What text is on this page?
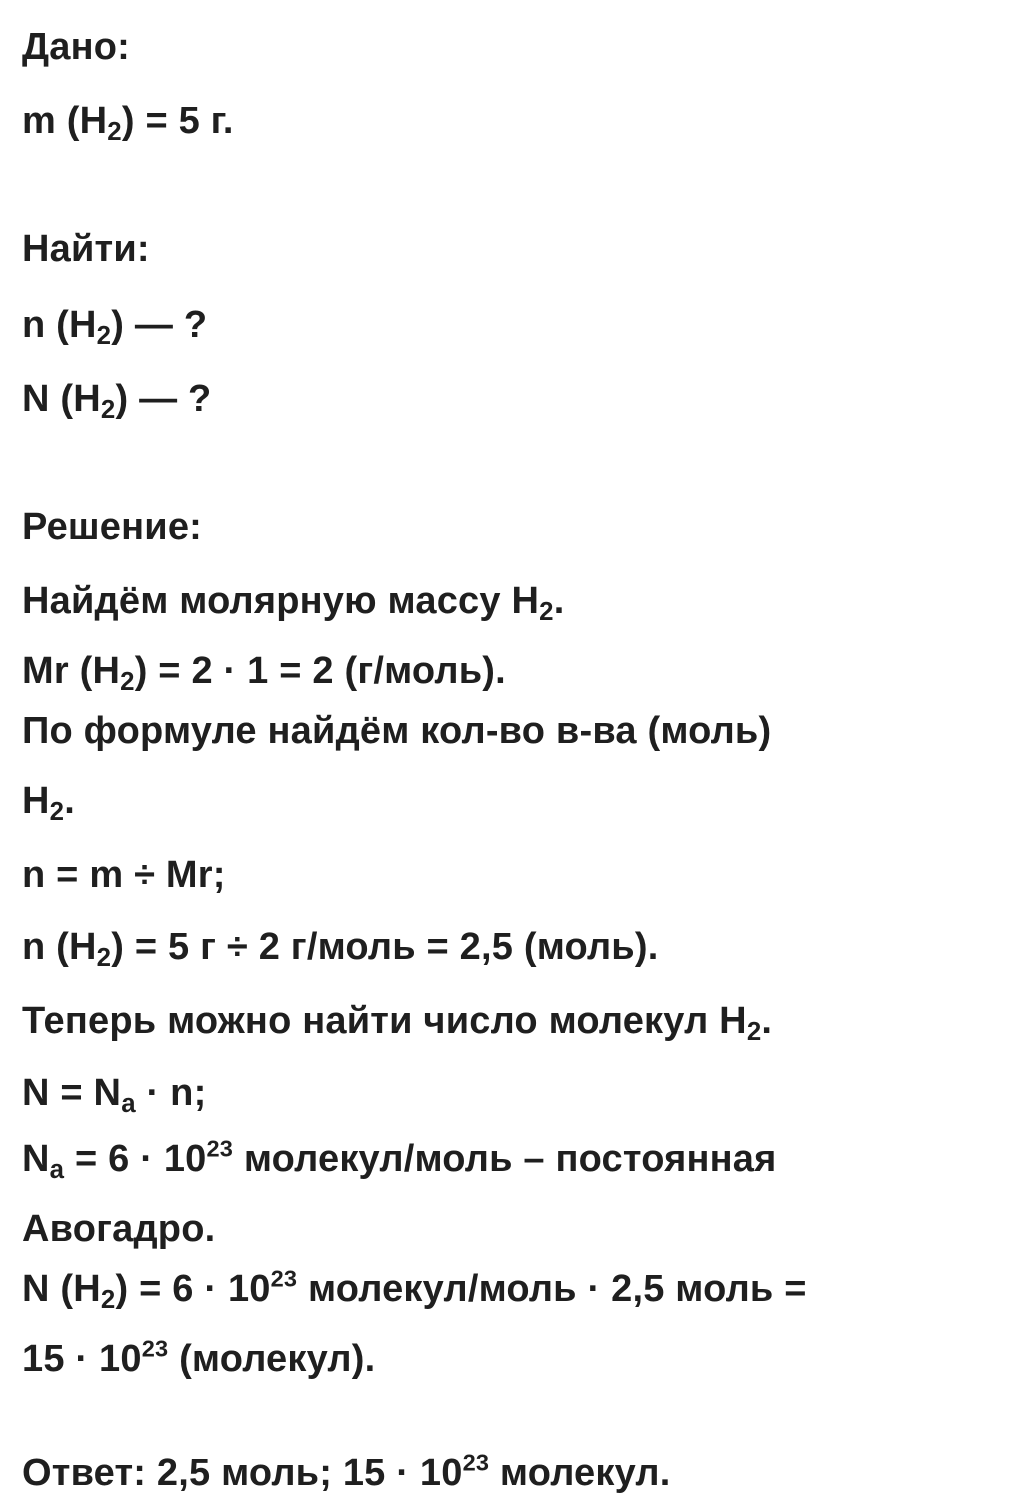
Дано:
m $(H_2) = 5$ г.
Найти:
n $(H_2)$ — ?
N $(H_2)$ — ?
Решение:
Найдём молярную массу $H_2$.
Mr $(H_2) = 2 \cdot 1 = 2$ (г/моль).
По формуле найдём кол-во в-ва (моль)
$H_2$.
n = m ÷ Mr;
n $(H_2) = 5$ г ÷ 2 г/моль = 2,5 (моль).
Теперь можно найти число молекул $H_2$.
$N = N_a \cdot n$;
$N_a = 6 \cdot 10^{23}$ молекул/моль – постоянная
Авогадро.
N $(H_2) = 6 \cdot 10^{23}$ молекул/моль · 2,5 моль =
$15 \cdot 10^{23}$ (молекул).
Ответ: 2,5 моль; $15 \cdot 10^{23}$ молекул.
